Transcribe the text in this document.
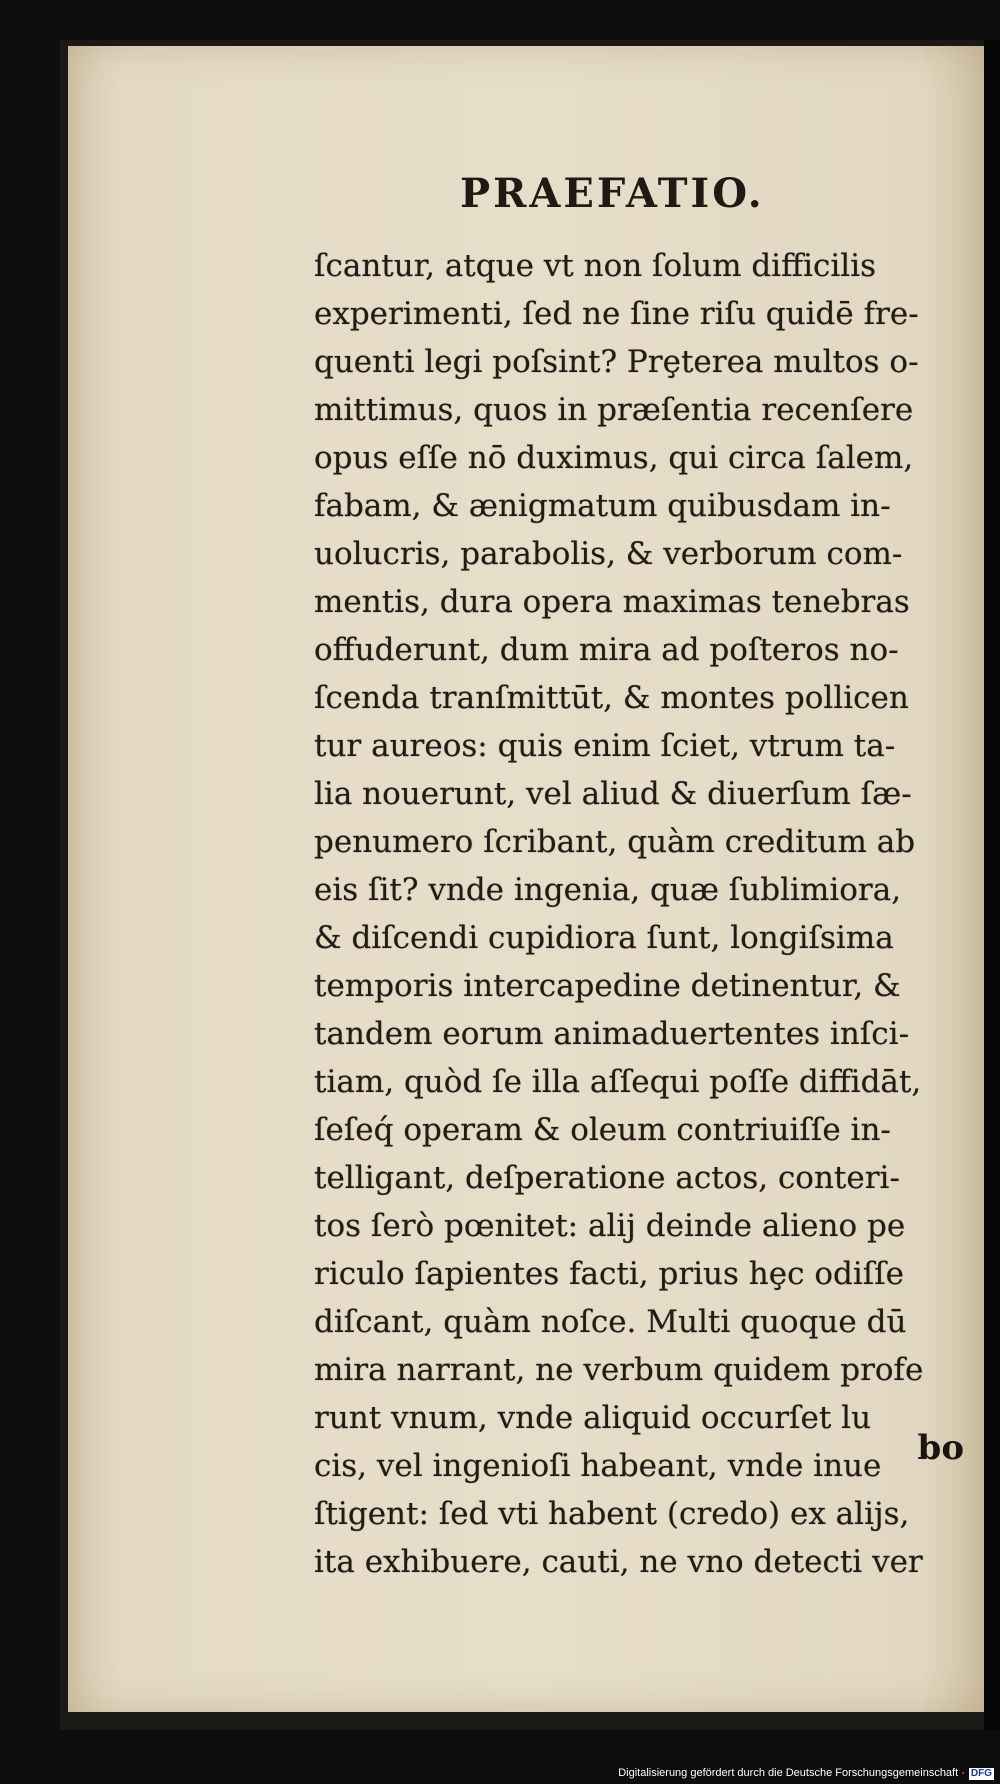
PRAEFATIO.
ſcantur, atque vt non ſolum difficilis
experimenti, ſed ne ſine riſu quidē fre-
quenti legi poſsint? Prȩterea multos o-
mittimus, quos in præſentia recenſere
opus eſſe nō duximus, qui circa ſalem,
fabam, & ænigmatum quibusdam in-
uolucris, parabolis, & verborum com-
mentis, dura opera maximas tenebras
offuderunt, dum mira ad poſteros no-
ſcenda tranſmittūt, & montes pollicen
tur aureos: quis enim ſciet, vtrum ta-
lia nouerunt, vel aliud & diuerſum ſæ-
penumero ſcribant, quàm creditum ab
eis ſit? vnde ingenia, quæ ſublimiora,
& diſcendi cupidiora ſunt, longiſsima
temporis intercapedine detinentur, &
tandem eorum animaduertentes inſci-
tiam, quòd ſe illa aſſequi poſſe diffidāt,
ſeſeq́ operam & oleum contriuiſſe in-
telligant, deſperatione actos, conteri-
tos ſerò pœnitet: alij deinde alieno pe
riculo ſapientes facti, prius hȩc odiſſe
diſcant, quàm noſce. Multi quoque dū
mira narrant, ne verbum quidem profe
runt vnum, vnde aliquid occurſet lu
cis, vel ingenioſi habeant, vnde inue
ſtigent: ſed vti habent (credo) ex alijs,
ita exhibuere, cauti, ne vno detecti ver

bo

Digitalisierung gefördert durch die Deutsche Forschungsgemeinschaft · DFG
